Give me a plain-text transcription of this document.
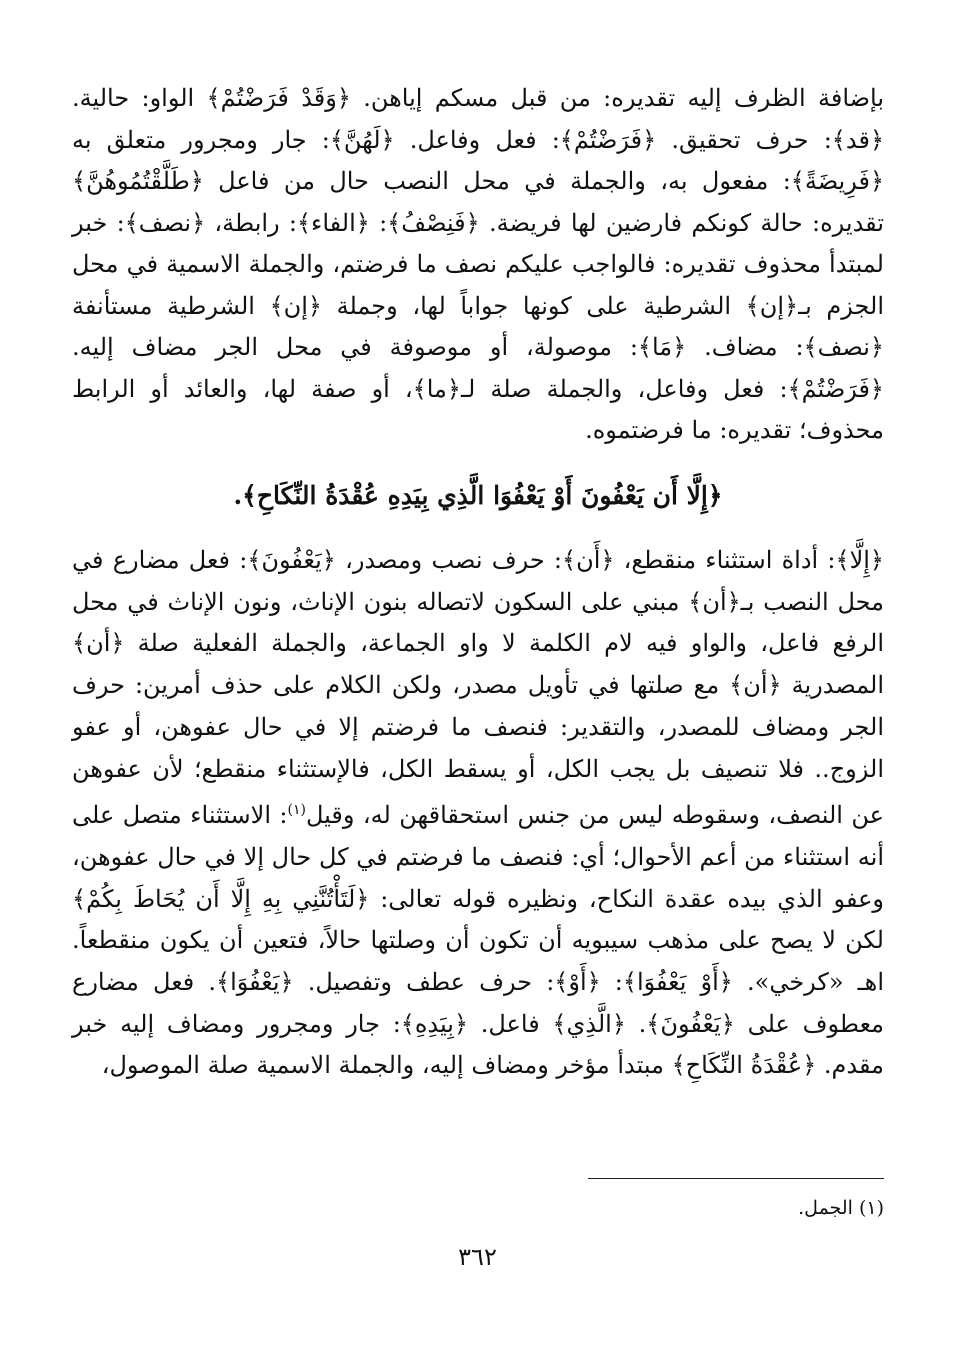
بإضافة الظرف إليه تقديره: من قبل مسكم إياهن. ﴿وَقَدْ فَرَضْتُمْ﴾ الواو: حالية. ﴿قد﴾: حرف تحقيق. ﴿فَرَضْتُمْ﴾: فعل وفاعل. ﴿لَهُنَّ﴾: جار ومجرور متعلق به ﴿فَرِيضَةً﴾: مفعول به، والجملة في محل النصب حال من فاعل ﴿طَلَّقْتُمُوهُنَّ﴾ تقديره: حالة كونكم فارضين لها فريضة. ﴿فَنِصْفُ﴾: ﴿الفاء﴾: رابطة، ﴿نصف﴾: خبر لمبتدأ محذوف تقديره: فالواجب عليكم نصف ما فرضتم، والجملة الاسمية في محل الجزم بـ﴿إن﴾ الشرطية على كونها جواباً لها، وجملة ﴿إن﴾ الشرطية مستأنفة ﴿نصف﴾: مضاف. ﴿مَا﴾: موصولة، أو موصوفة في محل الجر مضاف إليه. ﴿فَرَضْتُمْ﴾: فعل وفاعل، والجملة صلة لـ﴿ما﴾، أو صفة لها، والعائد أو الرابط محذوف؛ تقديره: ما فرضتموه.

﴿إِلَّا أَن يَعْفُونَ أَوْ يَعْفُوَا الَّذِي بِيَدِهِ عُقْدَةُ النِّكَاحِ﴾.

﴿إِلَّا﴾: أداة استثناء منقطع، ﴿أَن﴾: حرف نصب ومصدر، ﴿يَعْفُونَ﴾: فعل مضارع في محل النصب بـ﴿أن﴾ مبني على السكون لاتصاله بنون الإناث، ونون الإناث في محل الرفع فاعل، والواو فيه لام الكلمة لا واو الجماعة، والجملة الفعلية صلة ﴿أن﴾ المصدرية ﴿أن﴾ مع صلتها في تأويل مصدر، ولكن الكلام على حذف أمرين: حرف الجر ومضاف للمصدر، والتقدير: فنصف ما فرضتم إلا في حال عفوهن، أو عفو الزوج.. فلا تنصيف بل يجب الكل، أو يسقط الكل، فالإستثناء منقطع؛ لأن عفوهن عن النصف، وسقوطه ليس من جنس استحقاقهن له، وقيل$^{(١)}$: الاستثناء متصل على أنه استثناء من أعم الأحوال؛ أي: فنصف ما فرضتم في كل حال إلا في حال عفوهن، وعفو الذي بيده عقدة النكاح، ونظيره قوله تعالى: ﴿لَتَأْتُنَّنِي بِهِ إِلَّا أَن يُحَاطَ بِكُمْ﴾ لكن لا يصح على مذهب سيبويه أن تكون أن وصلتها حالاً، فتعين أن يكون منقطعاً. اهـ «كرخي». ﴿أَوْ يَعْفُوَا﴾: ﴿أَوْ﴾: حرف عطف وتفصيل. ﴿يَعْفُوَا﴾. فعل مضارع معطوف على ﴿يَعْفُونَ﴾. ﴿الَّذِي﴾ فاعل. ﴿بِيَدِهِ﴾: جار ومجرور ومضاف إليه خبر مقدم. ﴿عُقْدَةُ النِّكَاحِ﴾ مبتدأ مؤخر ومضاف إليه، والجملة الاسمية صلة الموصول،

(١) الجمل.
٣٦٢
